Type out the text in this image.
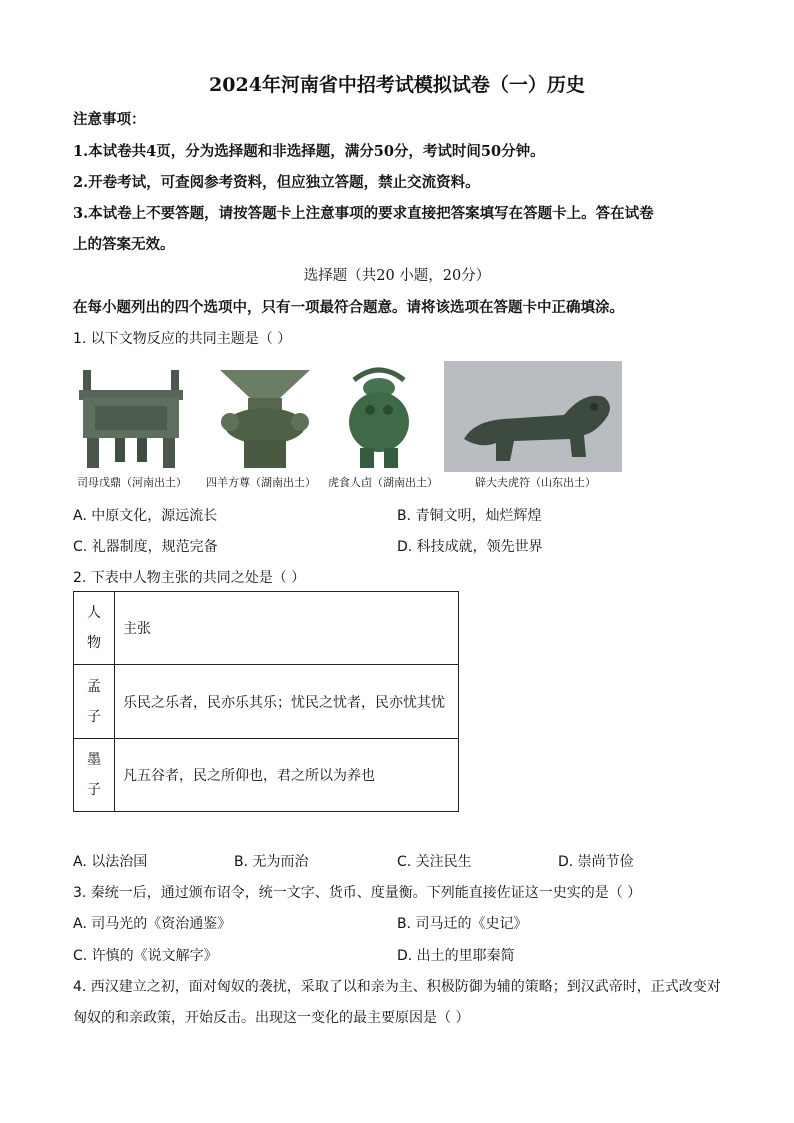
2024年河南省中招考试模拟试卷（一）历史
注意事项：
1.本试卷共4页，分为选择题和非选择题，满分50分，考试时间50分钟。
2.开卷考试，可查阅参考资料，但应独立答题，禁止交流资料。
3.本试卷上不要答题，请按答题卡上注意事项的要求直接把答案填写在答题卡上。答在试卷
上的答案无效。
选择题（共20 小题，20分）
在每小题列出的四个选项中，只有一项最符合题意。请将该选项在答题卡中正确填涂。
1. 以下文物反应的共同主题是（ ）
司母戊鼎（河南出土） 四羊方尊（湖南出土） 虎食人卣（湖南出土）	辟大夫虎符（山东出土）
A. 中原文化，源远流长	B. 青铜文明，灿烂辉煌
C. 礼器制度，规范完备	D. 科技成就，领先世界
2. 下表中人物主张的共同之处是（ ）
人
物	主张

孟
子	乐民之乐者，民亦乐其乐；忧民之忧者，民亦忧其忧

墨
子	凡五谷者，民之所仰也，君之所以为养也
A. 以法治国	B. 无为而治	C. 关注民生	D. 崇尚节俭
3. 秦统一后，通过颁布诏令，统一文字、货币、度量衡。下列能直接佐证这一史实的是（ ）
A. 司马光的《资治通鉴》	B. 司马迁的《史记》
C. 许慎的《说文解字》	D. 出土的里耶秦简
4. 西汉建立之初，面对匈奴的袭扰，采取了以和亲为主、积极防御为辅的策略；到汉武帝时，正式改变对
匈奴的和亲政策，开始反击。出现这一变化的最主要原因是（ ）
